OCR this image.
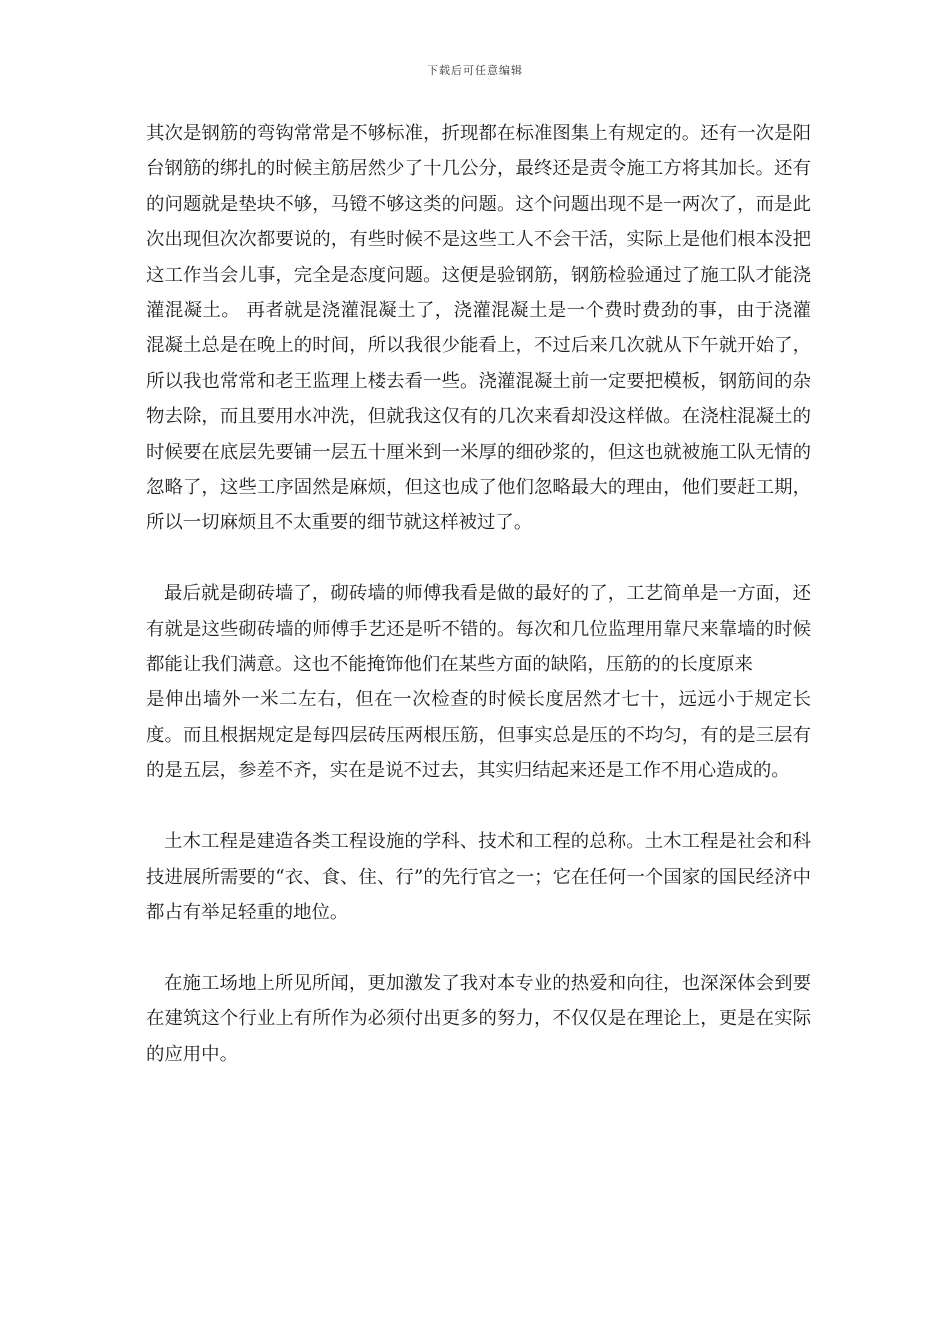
下载后可任意编辑

其次是钢筋的弯钩常常是不够标准，折现都在标准图集上有规定的。还有一次是阳台钢筋的绑扎的时候主筋居然少了十几公分，最终还是责令施工方将其加长。还有的问题就是垫块不够，马镫不够这类的问题。这个问题出现不是一两次了，而是此次出现但次次都要说的，有些时候不是这些工人不会干活，实际上是他们根本没把这工作当会儿事，完全是态度问题。这便是验钢筋，钢筋检验通过了施工队才能浇灌混凝土。 再者就是浇灌混凝土了，浇灌混凝土是一个费时费劲的事，由于浇灌混凝土总是在晚上的时间，所以我很少能看上，不过后来几次就从下午就开始了，所以我也常常和老王监理上楼去看一些。浇灌混凝土前一定要把模板，钢筋间的杂物去除，而且要用水冲洗，但就我这仅有的几次来看却没这样做。在浇柱混凝土的时候要在底层先要铺一层五十厘米到一米厚的细砂浆的，但这也就被施工队无情的忽略了，这些工序固然是麻烦，但这也成了他们忽略最大的理由，他们要赶工期，所以一切麻烦且不太重要的细节就这样被过了。

最后就是砌砖墙了，砌砖墙的师傅我看是做的最好的了，工艺简单是一方面，还有就是这些砌砖墙的师傅手艺还是听不错的。每次和几位监理用靠尺来靠墙的时候都能让我们满意。这也不能掩饰他们在某些方面的缺陷，压筋的的长度原来

是伸出墙外一米二左右，但在一次检查的时候长度居然才七十，远远小于规定长度。而且根据规定是每四层砖压两根压筋，但事实总是压的不均匀，有的是三层有的是五层，参差不齐，实在是说不过去，其实归结起来还是工作不用心造成的。

土木工程是建造各类工程设施的学科、技术和工程的总称。土木工程是社会和科技进展所需要的“衣、食、住、行”的先行官之一；它在任何一个国家的国民经济中都占有举足轻重的地位。

在施工场地上所见所闻，更加激发了我对本专业的热爱和向往，也深深体会到要在建筑这个行业上有所作为必须付出更多的努力，不仅仅是在理论上，更是在实际的应用中。
